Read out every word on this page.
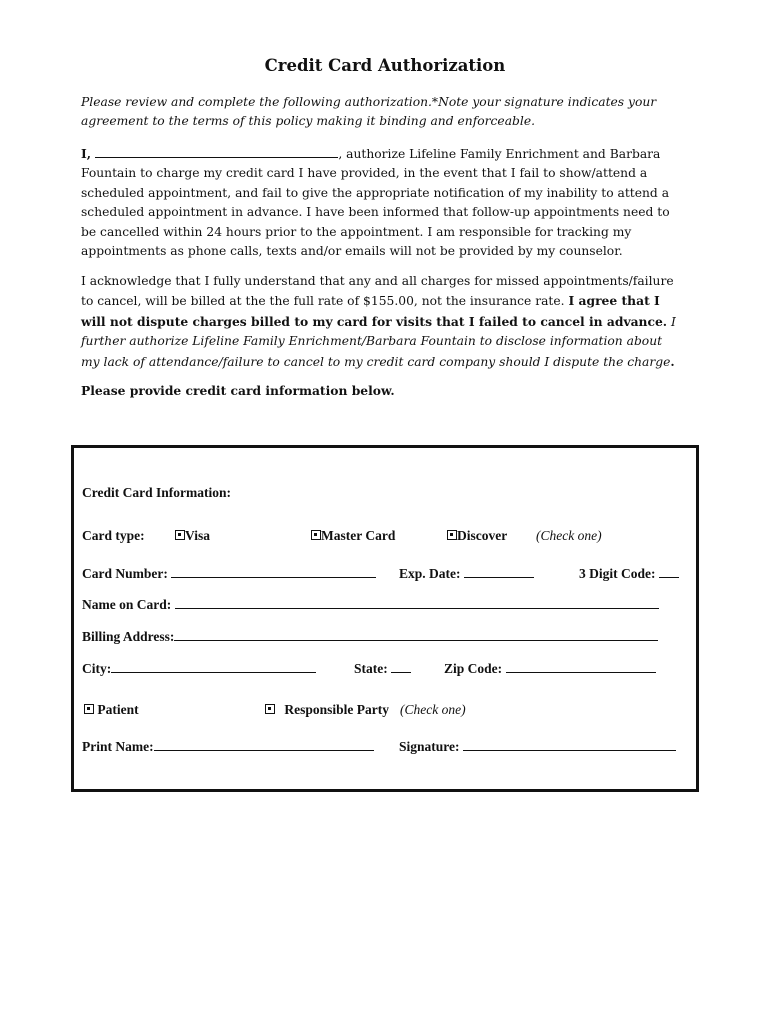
Credit Card Authorization

Please review and complete the following authorization.*Note your signature indicates your agreement to the terms of this policy making it binding and enforceable.

I,	, authorize Lifeline Family Enrichment and Barbara Fountain to charge my credit card I have provided, in the event that I fail to show/attend a scheduled appointment, and fail to give the appropriate notification of my inability to attend a scheduled appointment in advance. I have been informed that follow-up appointments need to be cancelled within 24 hours prior to the appointment. I am responsible for tracking my appointments as phone calls, texts and/or emails will not be provided by my counselor.

I acknowledge that I fully understand that any and all charges for missed appointments/failure to cancel, will be billed at the the full rate of $155.00, not the insurance rate. I agree that I will not dispute charges billed to my card for visits that I failed to cancel in advance. I further authorize Lifeline Family Enrichment/Barbara Fountain to disclose information about my lack of attendance/failure to cancel to my credit card company should I dispute the charge.

Please provide credit card information below.

Credit Card Information:
Card type:	Visa	Master Card	Discover (Check one)
Card Number:	Exp. Date:	3 Digit Code:
Name on Card:
Billing Address:
City:	State:	Zip Code:
Patient	Responsible Party (Check one)
Print Name:	Signature:
